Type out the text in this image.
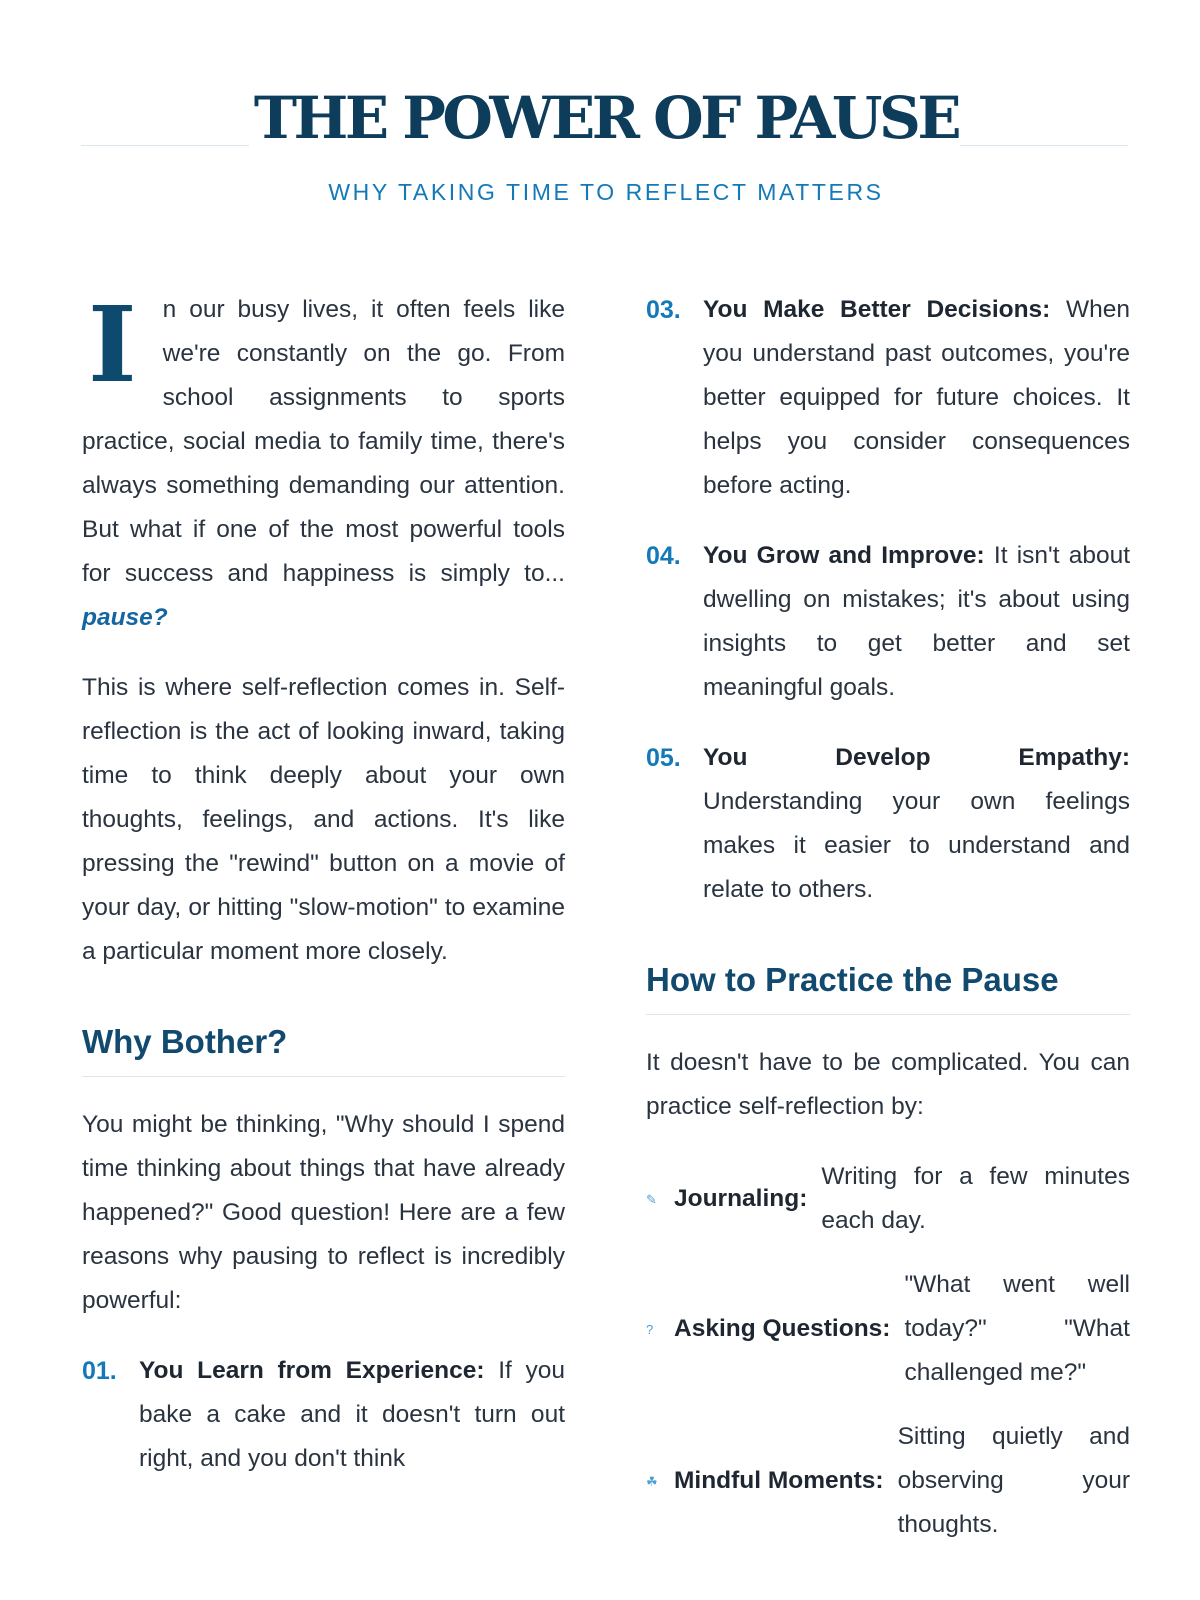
THE POWER OF PAUSE
WHY TAKING TIME TO REFLECT MATTERS

I n our busy lives, it often feels like we're constantly on the go. From school assignments to sports practice, social media to family time, there's always something demanding our attention. But what if one of the most powerful tools for success and happiness is simply to... pause?

This is where self-reflection comes in. Self-reflection is the act of looking inward, taking time to think deeply about your own thoughts, feelings, and actions. It's like pressing the "rewind" button on a movie of your day, or hitting "slow-motion" to examine a particular moment more closely.

Why Bother?

You might be thinking, "Why should I spend time thinking about things that have already happened?" Good question! Here are a few reasons why pausing to reflect is incredibly powerful:

01. You Learn from Experience: If you bake a cake and it doesn't turn out right, and you don't think
03. You Make Better Decisions: When you understand past outcomes, you're better equipped for future choices. It helps you consider consequences before acting.
04. You Grow and Improve: It isn't about dwelling on mistakes; it's about using insights to get better and set meaningful goals.
05. You Develop Empathy: Understanding your own feelings makes it easier to understand and relate to others.
How to Practice the Pause

It doesn't have to be complicated. You can practice self-reflection by:

✎ Journaling:
Writing for a few minutes each day.
? Asking Questions:
"What went well today?" "What challenged me?"
☘ Mindful Moments:
Sitting quietly and observing your thoughts.
